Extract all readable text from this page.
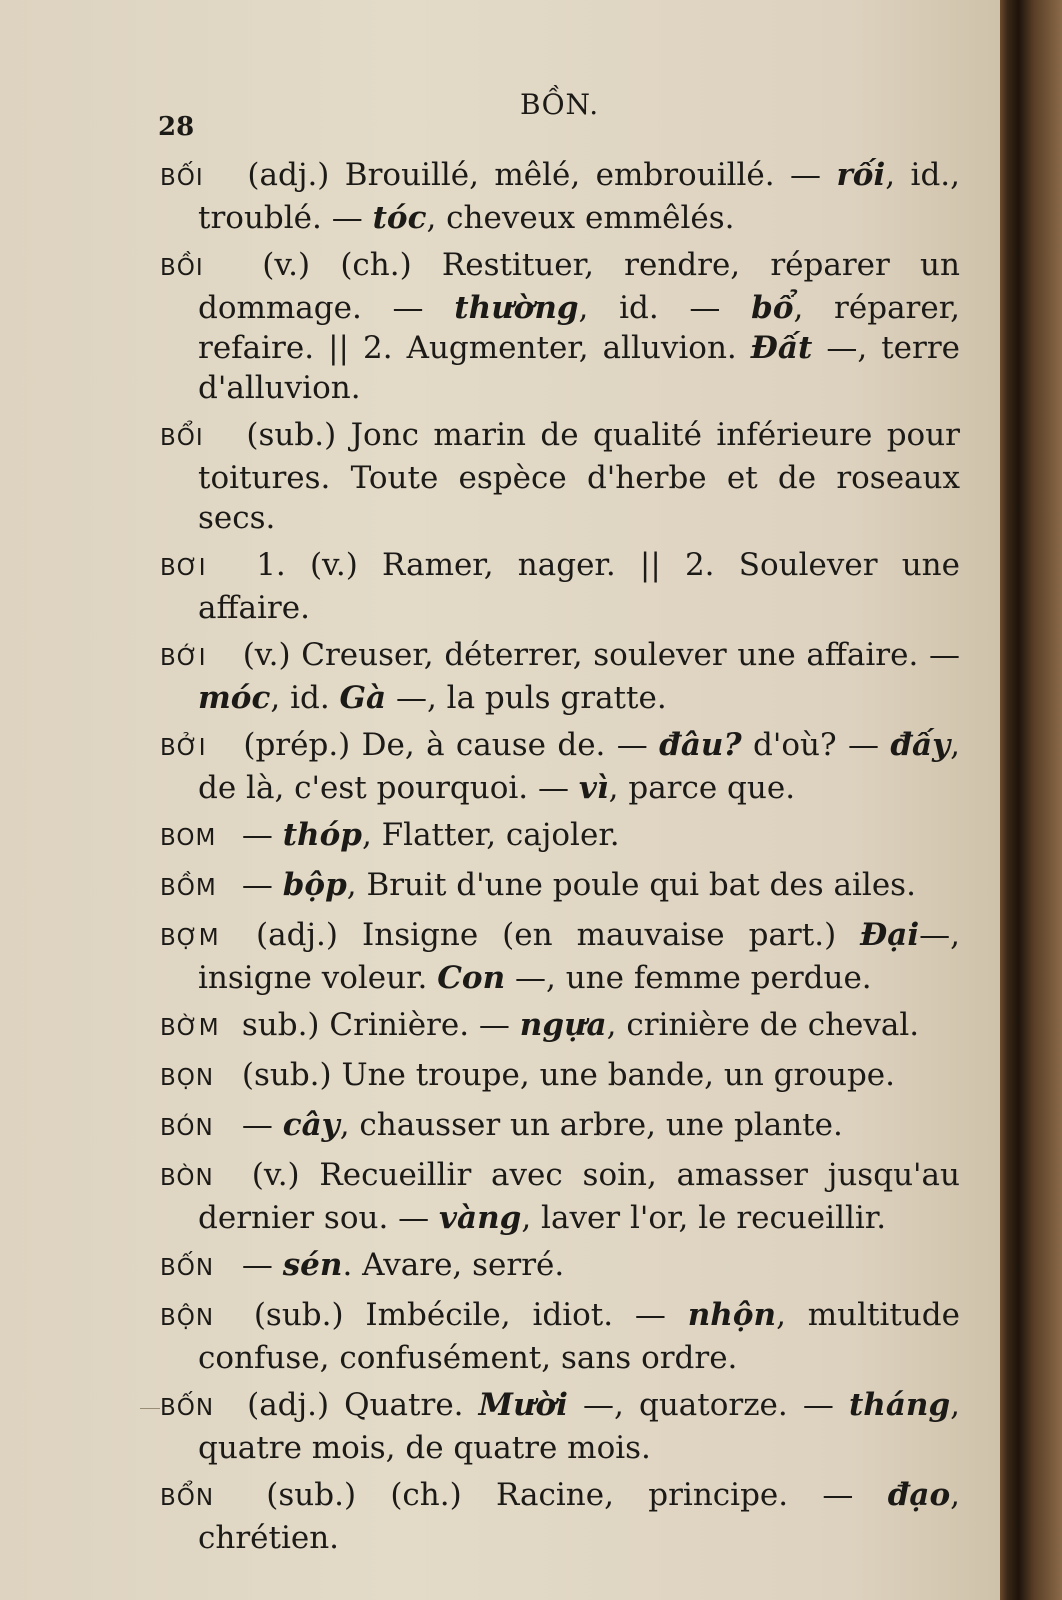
28
BỒN.

BỐI (adj.) Brouillé, mêlé, embrouillé. — rối, id., troublé. — tóc, cheveux emmêlés.

BỒI (v.) (ch.) Restituer, rendre, réparer un dommage. — thường, id. — bổ, réparer, refaire. || 2. Augmenter, alluvion. Đất —, terre d'alluvion.

BỔI (sub.) Jonc marin de qualité inférieure pour toitures. Toute espèce d'herbe et de roseaux secs.

BƠI 1. (v.) Ramer, nager. || 2. Soulever une affaire.

BỚI (v.) Creuser, déterrer, soulever une affaire. — móc, id. Gà —, la puls gratte.

BỞI (prép.) De, à cause de. — đâu? d'où? — đấy, de là, c'est pourquoi. — vì, parce que.

BOM — thóp, Flatter, cajoler.

BỒM — bộp, Bruit d'une poule qui bat des ailes.

BỢM (adj.) Insigne (en mauvaise part.) Đại—, insigne voleur. Con —, une femme perdue.

BỜM sub.) Crinière. — ngựa, crinière de cheval.

BỌN (sub.) Une troupe, une bande, un groupe.

BÓN — cây, chausser un arbre, une plante.

BÒN (v.) Recueillir avec soin, amasser jusqu'au dernier sou. — vàng, laver l'or, le recueillir.

BỐN — sén. Avare, serré.

BỘN (sub.) Imbécile, idiot. — nhộn, multitude confuse, confusément, sans ordre.

BỐN (adj.) Quatre. Mười —, quatorze. — tháng, quatre mois, de quatre mois.

BỔN (sub.) (ch.) Racine, principe. — đạo, chrétien.
